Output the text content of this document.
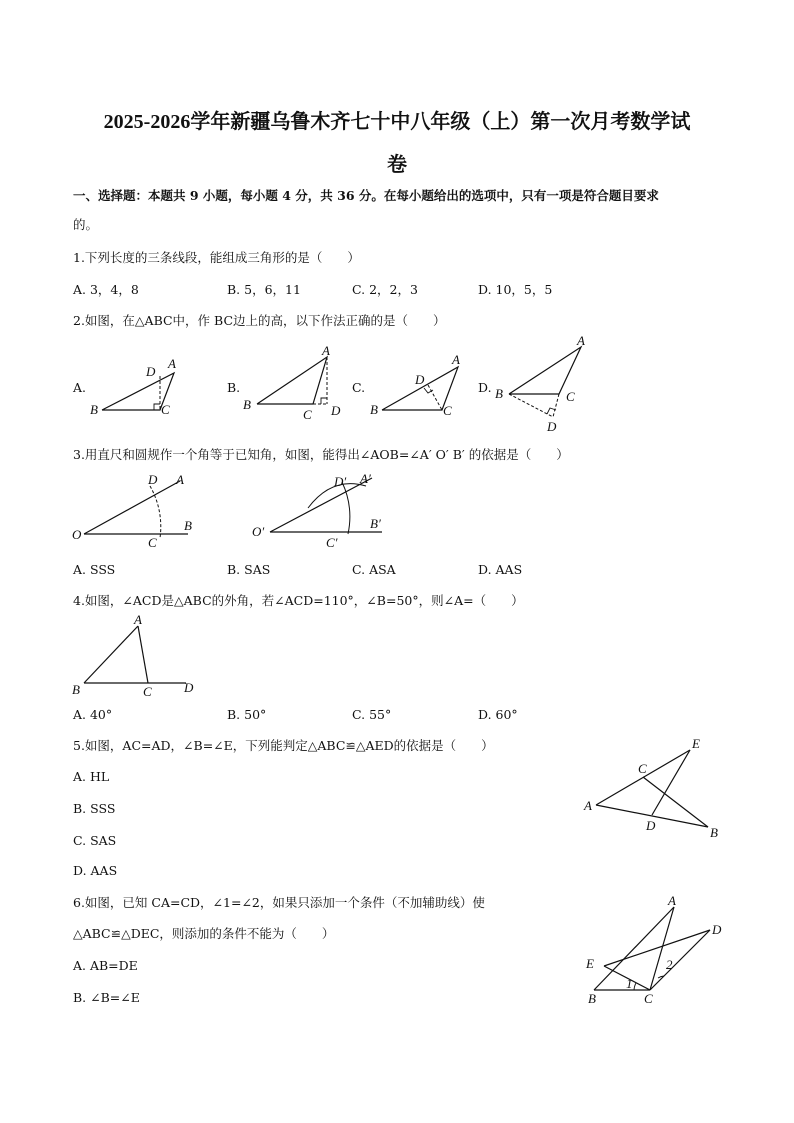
2025-2026学年新疆乌鲁木齐七十中八年级（上）第一次月考数学试
卷
一、选择题：本题共 9 小题，每小题 4 分，共 36 分。在每小题给出的选项中，只有一项是符合题目要求
的。
1.下列长度的三条线段，能组成三角形的是（　　）
A. 3，4，8	B. 5，6，11	C. 2，2，3	D. 10，5，5
2.如图，在△ABC中，作 BC边上的高，以下作法正确的是（　　）
A.	B.	C.	D.
A
D
B	C
A
B
C D
A
D
B	C
A
B	C
D
3.用直尺和圆规作一个角等于已知角，如图，能得出∠AOB=∠A′ O′ B′ 的依据是（　　）
O
A
B
D
C
O′
A′
B′
D′
C′
A. SSS	B. SAS	C. ASA	D. AAS
4.如图，∠ACD是△ABC的外角，若∠ACD=110°，∠B=50°，则∠A=（　　）
A
B	C D
A. 40°	B. 50°	C. 55°	D. 60°
5.如图，AC=AD，∠B=∠E，下列能判定△ABC≌△AED的依据是（　　）
A. HL
B. SSS
C. SAS
D. AAS
A
C
E
D	B
6.如图，已知 CA=CD，∠1=∠2，如果只添加一个条件（不加辅助线）使
△ABC≌△DEC，则添加的条件不能为（　　）
A. AB=DE
B. ∠B=∠E
A
D
E	2
1
B	C
